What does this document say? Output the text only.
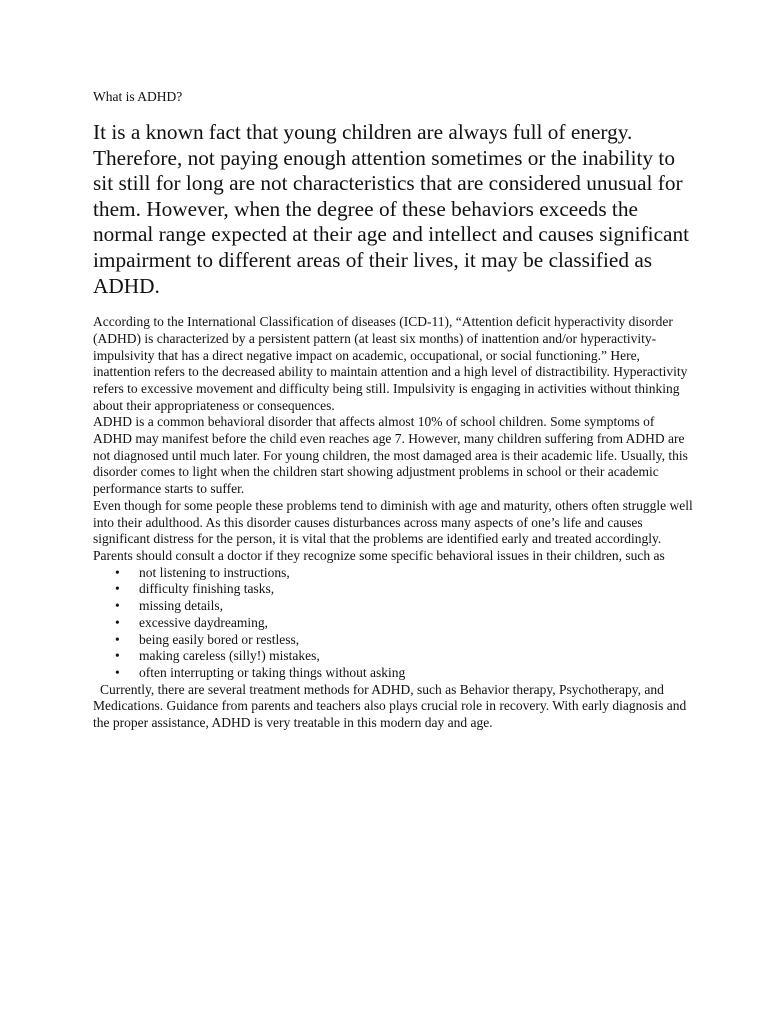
What is ADHD?

It is a known fact that young children are always full of energy. Therefore, not paying enough attention sometimes or the inability to sit still for long are not characteristics that are considered unusual for them. However, when the degree of these behaviors exceeds the normal range expected at their age and intellect and causes significant impairment to different areas of their lives, it may be classified as ADHD.

According to the International Classification of diseases (ICD-11), “Attention deficit hyperactivity disorder (ADHD) is characterized by a persistent pattern (at least six months) of inattention and/or hyperactivity-impulsivity that has a direct negative impact on academic, occupational, or social functioning.” Here, inattention refers to the decreased ability to maintain attention and a high level of distractibility. Hyperactivity refers to excessive movement and difficulty being still. Impulsivity is engaging in activities without thinking about their appropriateness or consequences.

ADHD is a common behavioral disorder that affects almost 10% of school children. Some symptoms of ADHD may manifest before the child even reaches age 7. However, many children suffering from ADHD are not diagnosed until much later. For young children, the most damaged area is their academic life. Usually, this disorder comes to light when the children start showing adjustment problems in school or their academic performance starts to suffer.

Even though for some people these problems tend to diminish with age and maturity, others often struggle well into their adulthood. As this disorder causes disturbances across many aspects of one’s life and causes significant distress for the person, it is vital that the problems are identified early and treated accordingly. Parents should consult a doctor if they recognize some specific behavioral issues in their children, such as

• not listening to instructions,
• difficulty finishing tasks,
• missing details,
• excessive daydreaming,
• being easily bored or restless,
• making careless (silly!) mistakes,
• often interrupting or taking things without asking

Currently, there are several treatment methods for ADHD, such as Behavior therapy, Psychotherapy, and Medications. Guidance from parents and teachers also plays crucial role in recovery. With early diagnosis and the proper assistance, ADHD is very treatable in this modern day and age.
